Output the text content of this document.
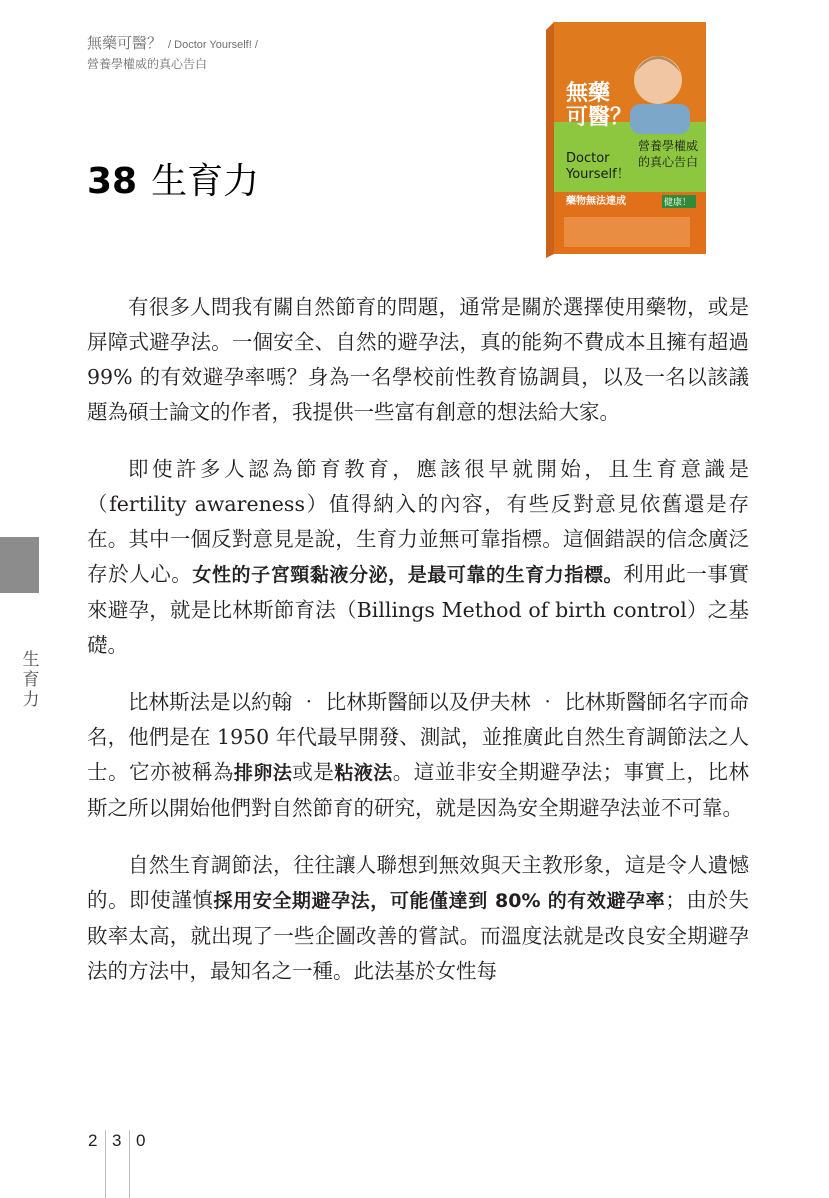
無藥可醫？ / Doctor Yourself! /
營養學權威的真心告白
38 生育力
無藥
可醫？
營養學權威
的真心告白
Doctor
Yourself！
藥物無法達成	健康！

有很多人問我有關自然節育的問題，通常是關於選擇使用藥物，或是屏障式避孕法。一個安全、自然的避孕法，真的能夠不費成本且擁有超過 99% 的有效避孕率嗎？身為一名學校前性教育協調員，以及一名以該議題為碩士論文的作者，我提供一些富有創意的想法給大家。

即使許多人認為節育教育，應該很早就開始，且生育意識是（fertility awareness）值得納入的內容，有些反對意見依舊還是存在。其中一個反對意見是說，生育力並無可靠指標。這個錯誤的信念廣泛存於人心。女性的子宮頸黏液分泌，是最可靠的生育力指標。利用此一事實來避孕，就是比林斯節育法（Billings Method of birth control）之基礎。

比林斯法是以約翰 ‧ 比林斯醫師以及伊夫林 ‧ 比林斯醫師名字而命名，他們是在 1950 年代最早開發、測試，並推廣此自然生育調節法之人士。它亦被稱為排卵法或是粘液法。這並非安全期避孕法；事實上，比林斯之所以開始他們對自然節育的研究，就是因為安全期避孕法並不可靠。

自然生育調節法，往往讓人聯想到無效與天主教形象，這是令人遺憾的。即使謹慎採用安全期避孕法，可能僅達到 80% 的有效避孕率；由於失敗率太高，就出現了一些企圖改善的嘗試。而溫度法就是改良安全期避孕法的方法中，最知名之一種。此法基於女性每

生
育
力
2 3 0
